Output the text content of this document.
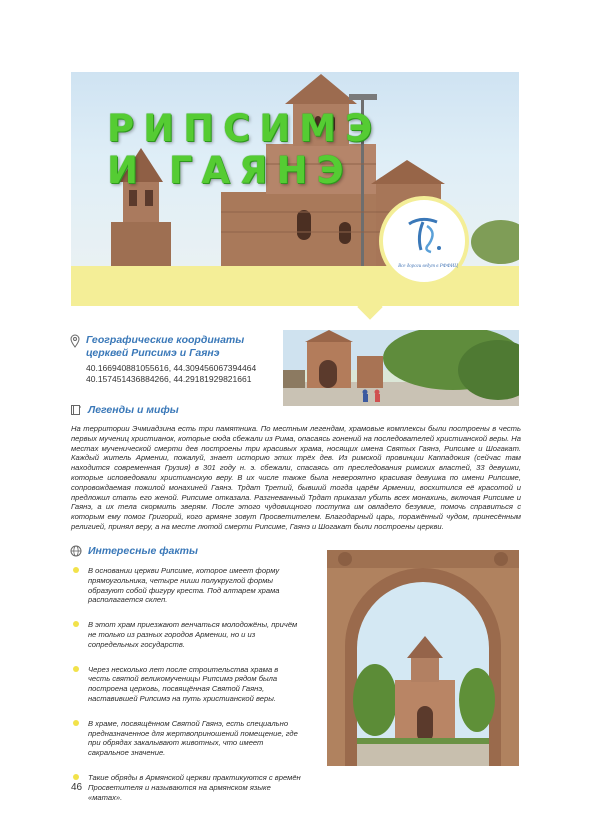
РИПСИМЭ
И ГАЯНЭ
Все дороги ведут в РФФИЦ
Географические координаты церквей Рипсимэ и Гаянэ
40.166940881055616, 44.309456067394464
40.157451436884266, 44.29181929821661
Легенды и мифы
На территории Эчмиадзина есть три памятника. По местным легендам, храмовые комплексы были построены в честь первых мучениц христианок, которые сюда сбежали из Рима, опасаясь гонений на последователей христианской веры. На местах мученической смерти дев построены три красивых храма, носящих имена Святых Гаянэ, Рипсиме и Шогакат. Каждый житель Армении, пожалуй, знает историю этих трёх дев. Из римской провинции Каппадокия (сейчас там находится современная Грузия) в 301 году н. э. сбежали, спасаясь от преследования римских властей, 33 девушки, которые исповедовали христианскую веру. В их числе также была невероятно красивая девушка по имени Рипсиме, сопровождаемая пожилой монахиней Гаянэ. Трдат Третий, бывший тогда царём Армении, восхитился её красотой и предложил стать его женой. Рипсиме отказала. Разгневанный Трдат приказал убить всех монахинь, включая Рипсиме и Гаянэ, а их тела скормить зверям. После этого чудовищного поступка им овладело безумие, помочь справиться с которым ему помог Григорий, кого армяне зовут Просветителем. Благодарный царь, поражённый чудом, принесённым религией, принял веру, а на месте лютой смерти Рипсиме, Гаянэ и Шогакат были построены церкви.
Интересные факты
В основании церкви Рипсиме, которое имеет форму прямоугольника, четыре ниши полукруглой формы образуют собой фигуру креста. Под алтарем храма располагается склеп.
В этот храм приезжают венчаться молодожёны, причём не только из разных городов Армении, но и из сопредельных государств.
Через несколько лет после строительства храма в честь святой великомученицы Рипсимэ рядом была построена церковь, посвящённая Святой Гаянэ, наставившей Рипсимэ на путь христианской веры.
В храме, посвящённом Святой Гаянэ, есть специально предназначенное для жертвоприношений помещение, где при обрядах закалывают животных, что имеет сакральное значение.
Такие обряды в Армянской церкви практикуются с времён Просветителя и называются на армянском языке «матах».
46
